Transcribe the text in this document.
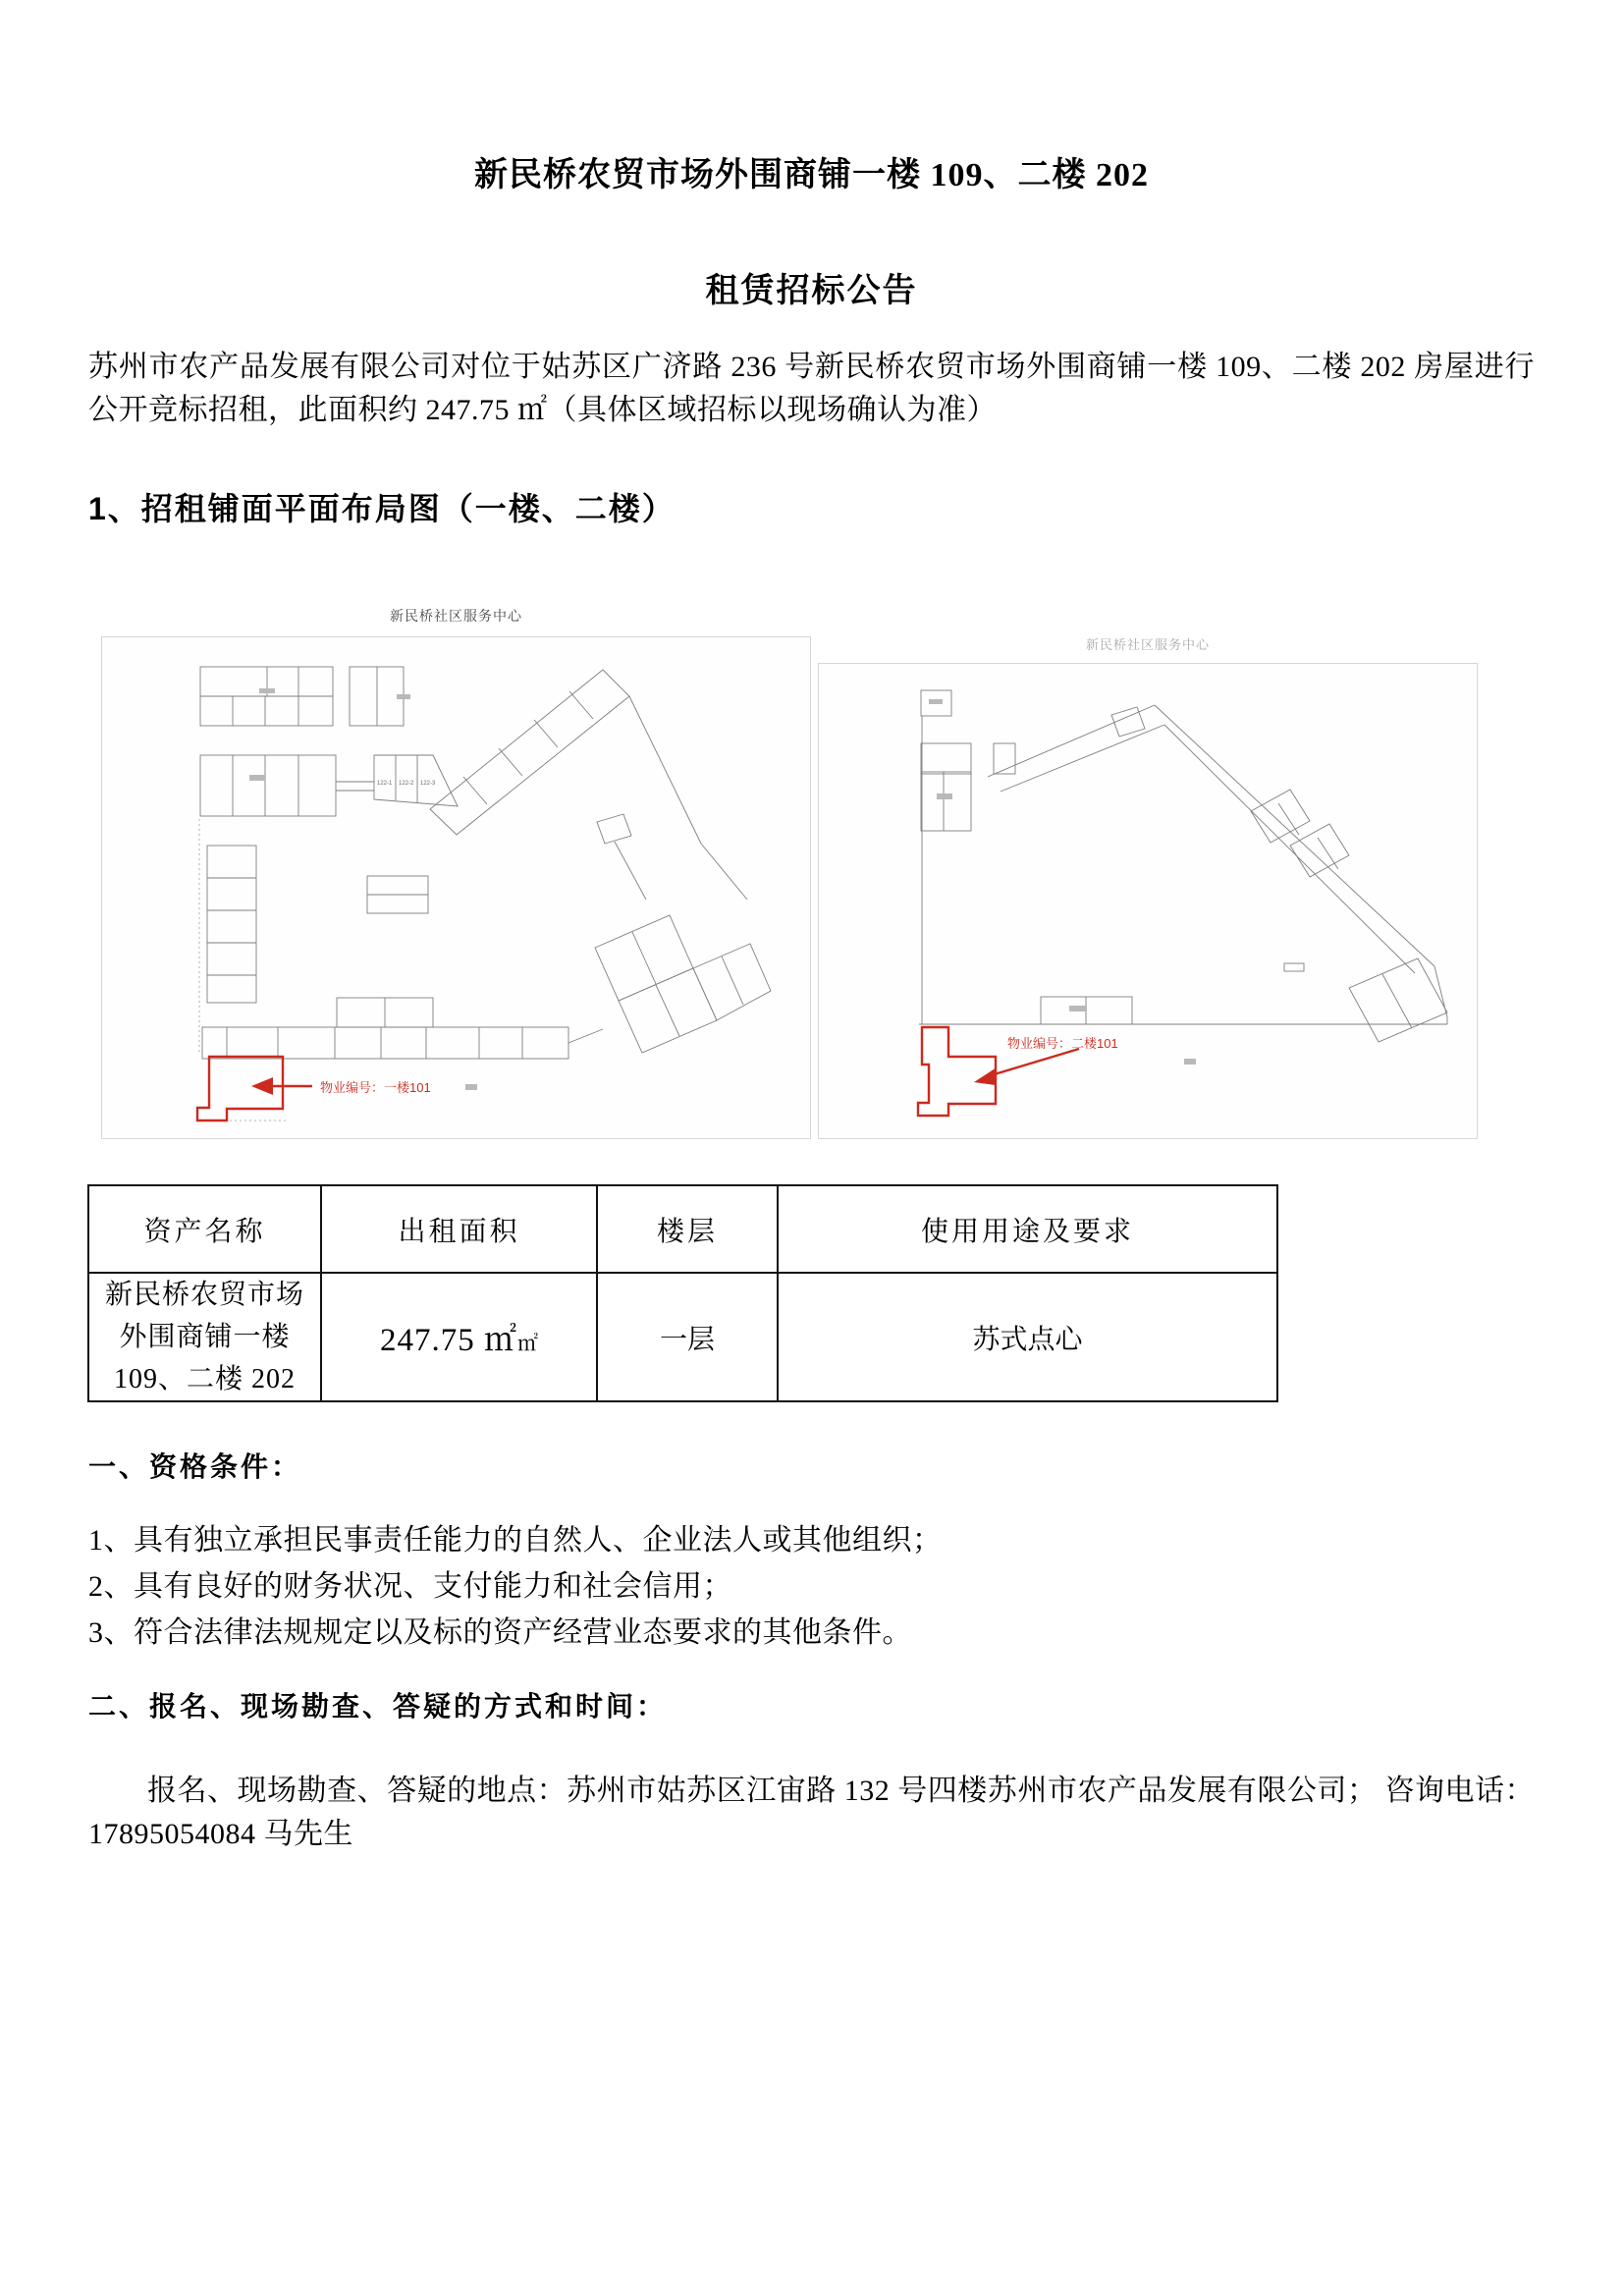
新民桥农贸市场外围商铺一楼 109、二楼 202
租赁招标公告
苏州市农产品发展有限公司对位于姑苏区广济路 236 号新民桥农贸市场外围商铺一楼 109、二楼 202 房屋进行公开竞标招租，此面积约 247.75 ㎡（具体区域招标以现场确认为准）
1、招租铺面平面布局图（一楼、二楼）
新民桥社区服务中心
122-1 122-2 122-3
物业编号：一楼101
新民桥社区服务中心
物业编号：二楼101
资产名称	出租面积	楼层	使用用途及要求

新民桥农贸市场
外围商铺一楼
109、二楼 202	247.75 ㎡㎡	一层	苏式点心
一、资格条件：
1、具有独立承担民事责任能力的自然人、企业法人或其他组织；
2、具有良好的财务状况、支付能力和社会信用；
3、符合法律法规规定以及标的资产经营业态要求的其他条件。
二、报名、现场勘查、答疑的方式和时间：
报名、现场勘查、答疑的地点：苏州市姑苏区江宙路 132 号四楼苏州市农产品发展有限公司； 咨询电话：17895054084 马先生
